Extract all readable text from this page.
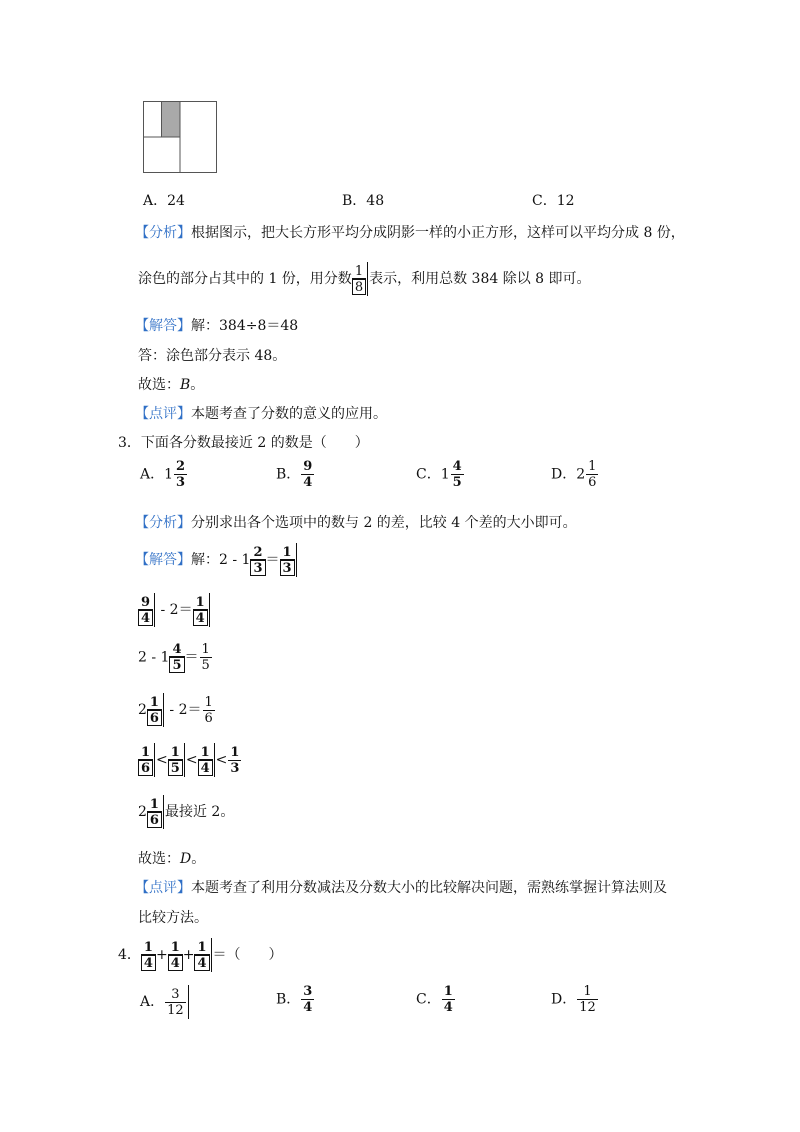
A．24	B．48	C．12
【分析】根据图示，把大长方形平均分成阴影一样的小正方形，这样可以平均分成 8 份，
涂色的部分占其中的 1 份，用分数 $\frac{1}{8}$ 表示，利用总数 384 除以 8 即可。
【解答】解：384÷8＝48
答：涂色部分表示 48。
故选：B。
【点评】本题考查了分数的意义的应用。
3．下面各分数最接近 2 的数是（　　）
A．$1 \frac{2}{3}$	B． $\frac{9}{4}$	C．$1 \frac{4}{5}$	D．$2 \frac{1}{6}$
【分析】分别求出各个选项中的数与 2 的差，比较 4 个差的大小即可。
【解答】解：$2 - 1 \frac{2}{3} = \frac{1}{3}$
$\frac{9}{4} - 2= \frac{1}{4}$
$2 - 1 \frac{4}{5} = \frac{1}{5}$
$2 \frac{1}{6} - 2= \frac{1}{6}$
$\frac{1}{6} < \frac{1}{5} < \frac{1}{4} < \frac{1}{3}$
$2 \frac{1}{6}$ 最接近 2。
故选：D。
【点评】本题考查了利用分数减法及分数大小的比较解决问题，需熟练掌握计算法则及
比较方法。
4． $\frac{1}{4} + \frac{1}{4} + \frac{1}{4}$ ＝（　　）
A． $\frac{3}{12}$	B． $\frac{3}{4}$	C． $\frac{1}{4}$	D． $\frac{1}{12}$
